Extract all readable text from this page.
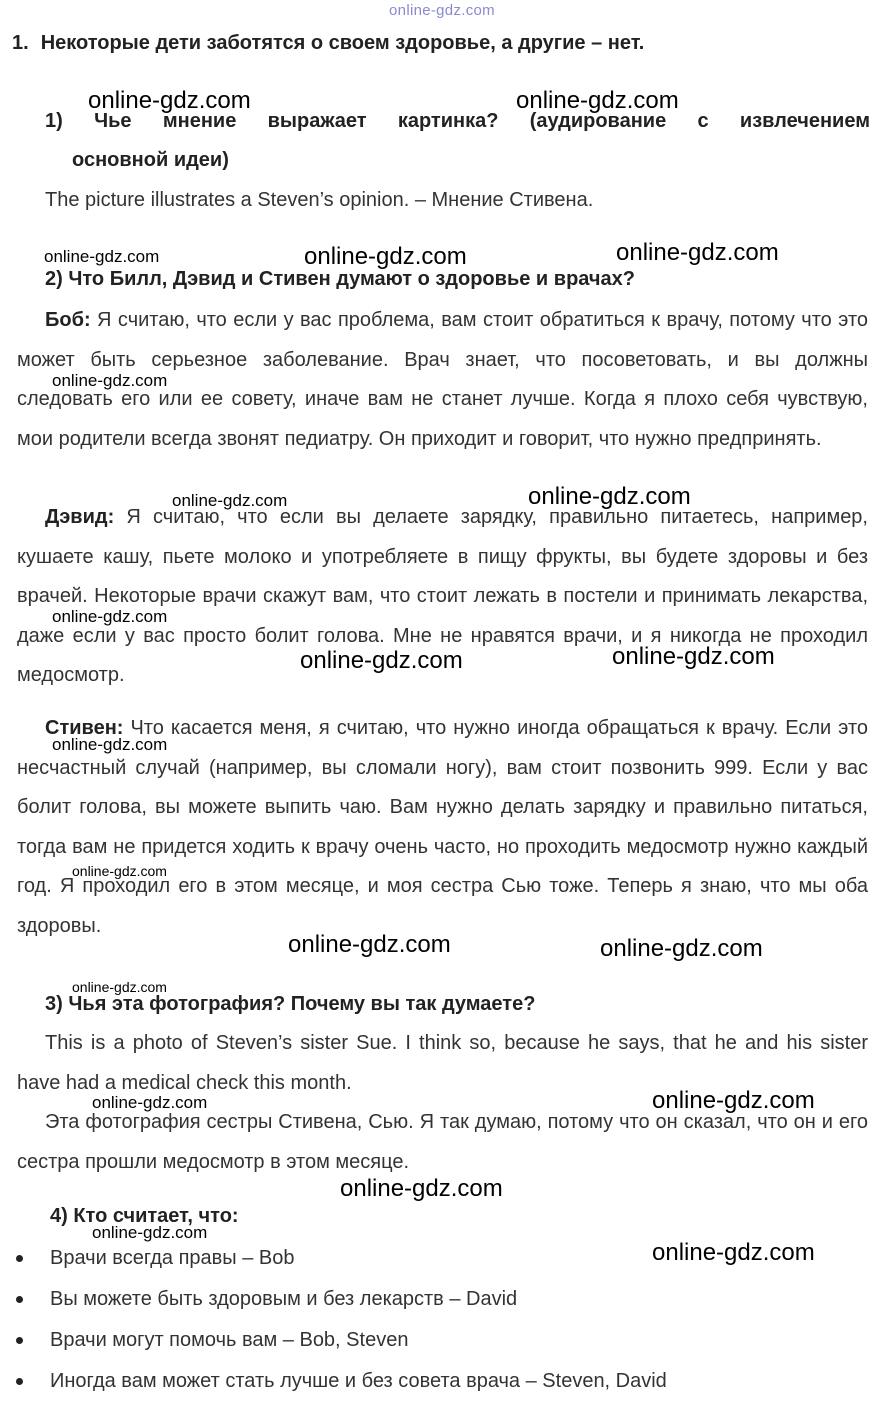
online-gdz.com
1. Некоторые дети заботятся о своем здоровье, а другие – нет.
1) Чье мнение выражает картинка? (аудирование с извлечением
основной идеи)
The picture illustrates a Steven’s opinion. – Мнение Стивена.
2) Что Билл, Дэвид и Стивен думают о здоровье и врачах?
Боб: Я считаю, что если у вас проблема, вам стоит обратиться к врачу, потому что это может быть серьезное заболевание. Врач знает, что посоветовать, и вы должны следовать его или ее совету, иначе вам не станет лучше. Когда я плохо себя чувствую, мои родители всегда звонят педиатру. Он приходит и говорит, что нужно предпринять.
Дэвид: Я считаю, что если вы делаете зарядку, правильно питаетесь, например, кушаете кашу, пьете молоко и употребляете в пищу фрукты, вы будете здоровы и без врачей. Некоторые врачи скажут вам, что стоит лежать в постели и принимать лекарства, даже если у вас просто болит голова. Мне не нравятся врачи, и я никогда не проходил медосмотр.
Стивен: Что касается меня, я считаю, что нужно иногда обращаться к врачу. Если это несчастный случай (например, вы сломали ногу), вам стоит позвонить 999. Если у вас болит голова, вы можете выпить чаю. Вам нужно делать зарядку и правильно питаться, тогда вам не придется ходить к врачу очень часто, но проходить медосмотр нужно каждый год. Я проходил его в этом месяце, и моя сестра Сью тоже. Теперь я знаю, что мы оба здоровы.
3) Чья эта фотография? Почему вы так думаете?
This is a photo of Steven’s sister Sue. I think so, because he says, that he and his sister have had a medical check this month.
Эта фотография сестры Стивена, Сью. Я так думаю, потому что он сказал, что он и его сестра прошли медосмотр в этом месяце.
4) Кто считает, что:
Врачи всегда правы – Bob
Вы можете быть здоровым и без лекарств – David
Врачи могут помочь вам – Bob, Steven
Иногда вам может стать лучше и без совета врача – Steven, David
online-gdz.com	online-gdz.com
online-gdz.com	online-gdz.com	online-gdz.com
online-gdz.com
online-gdz.com	online-gdz.com
online-gdz.com
online-gdz.com	online-gdz.com
online-gdz.com
online-gdz.com
online-gdz.com	online-gdz.com
online-gdz.com
online-gdz.com	online-gdz.com
online-gdz.com
online-gdz.com
online-gdz.com
